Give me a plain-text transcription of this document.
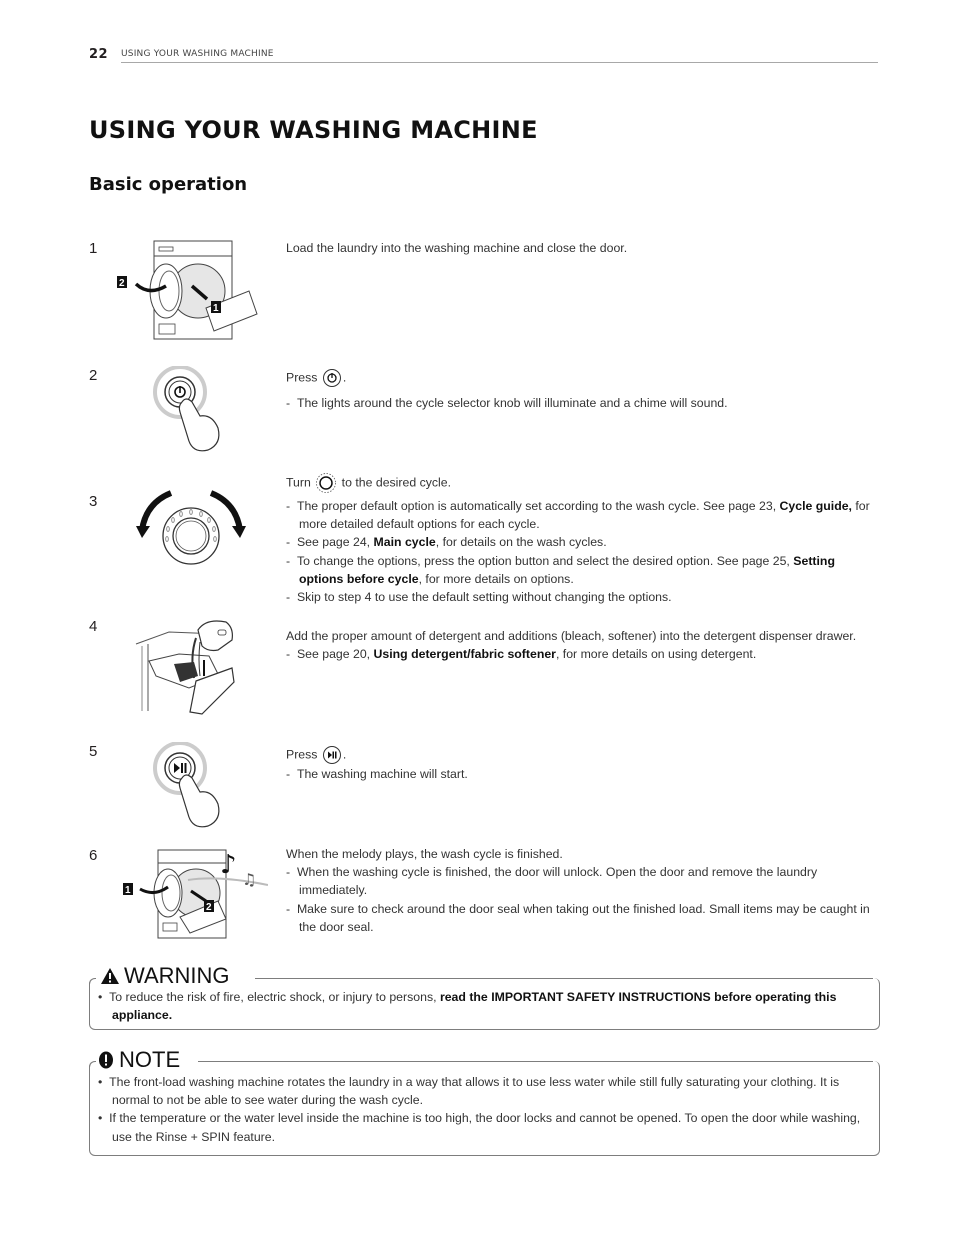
22 USING YOUR WASHING MACHINE
USING YOUR WASHING MACHINE
Basic operation
1
2
1

Load the laundry into the washing machine and close the door.

2	Press .

-  The lights around the cycle selector knob will illuminate and a chime will sound.

3

Turn	to the desired cycle.

-  The proper default option is automatically set according to the wash cycle. See page 23, Cycle guide, for more detailed default options for each cycle.

-  See page 24, Main cycle, for details on the wash cycles.

-  To change the options, press the option button and select the desired option. See page 25, Setting options before cycle, for more details on options.

-  Skip to step 4 to use the default setting without changing the options.

4

Add the proper amount of detergent and additions (bleach, softener) into the detergent dispenser drawer.

-  See page 20, Using detergent/fabric softener, for more details on using detergent.

5	Press .

-  The washing machine will start.

6
1
2
♪ ♫

When the melody plays, the wash cycle is finished.

-  When the washing cycle is finished, the door will unlock. Open the door and remove the laundry immediately.

-  Make sure to check around the door seal when taking out the finished load. Small items may be caught in the door seal.

WARNING

•  To reduce the risk of fire, electric shock, or injury to persons, read the IMPORTANT SAFETY INSTRUCTIONS before operating this appliance.

NOTE

•  The front-load washing machine rotates the laundry in a way that allows it to use less water while still fully saturating your clothing. It is normal to not be able to see water during the wash cycle.

•  If the temperature or the water level inside the machine is too high, the door locks and cannot be opened. To open the door while washing, use the Rinse + SPIN feature.
